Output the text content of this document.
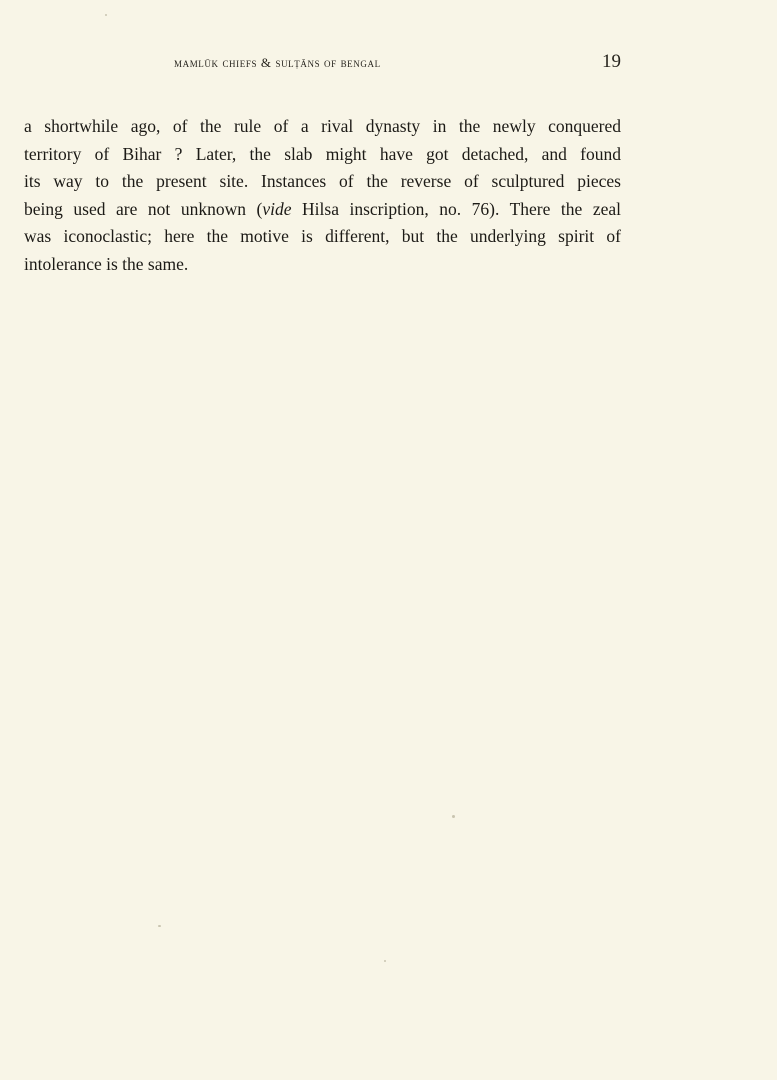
mamlūk chiefs & sulṭāns of bengal	19

a shortwhile ago, of the rule of a rival dynasty in the newly conquered

territory of Bihar ? Later, the slab might have got detached, and found

its way to the present site. Instances of the reverse of sculptured pieces

being used are not unknown (vide Hilsa inscription, no. 76). There the zeal

was iconoclastic; here the motive is different, but the underlying spirit of

intolerance is the same.
